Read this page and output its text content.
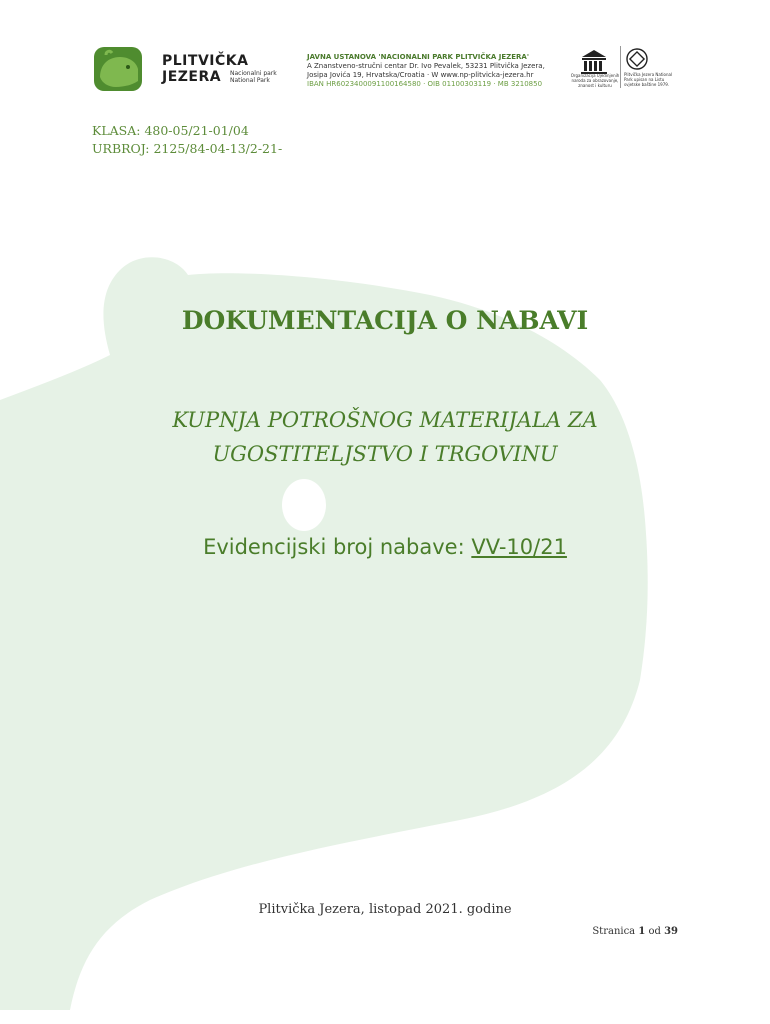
PLITVIČKA
JEZERA	Nacionalni park
National Park
JAVNA USTANOVA 'NACIONALNI PARK PLITVIČKA JEZERA'
A Znanstveno-stručni centar Dr. Ivo Pevalek, 53231 Plitvička Jezera,
Josipa Jovića 19, Hrvatska/Croatia · W www.np-plitvicka-jezera.hr
IBAN HR6023400091100164580 · OIB 01100303119 · MB 3210850
Organizacija Ujedinjenih naroda za obrazovanje, znanost i kulturu
Plitvička Jezera National Park upisan na Listu svjetske baštine 1979.
KLASA: 480-05/21-01/04
URBROJ: 2125/84-04-13/2-21-
DOKUMENTACIJA O NABAVI
KUPNJA POTROŠNOG MATERIJALA ZA
UGOSTITELJSTVO I TRGOVINU
Evidencijski broj nabave: VV-10/21
Plitvička Jezera, listopad 2021. godine
Stranica 1 od 39
